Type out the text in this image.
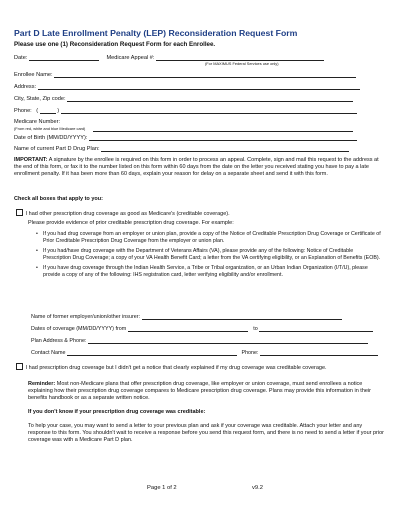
Part D Late Enrollment Penalty (LEP) Reconsideration Request Form
Please use one (1) Reconsideration Request Form for each Enrollee.
Date:	Medicare Appeal #:
(For MAXIMUS Federal Services use only)
Enrollee Name:
Address:
City, State, Zip code:
Phone: (	)
Medicare Number:
(From red, white and blue Medicare card)
Date of Birth (MM/DD/YYYY):
Name of current Part D Drug Plan:
IMPORTANT: A signature by the enrollee is required on this form in order to process an appeal. Complete, sign and mail this request to the address at the end of this form, or fax it to the number listed on this form within 60 days from the date on the letter you received stating you have to pay a late enrollment penalty. If it has been more than 60 days, explain your reason for delay on a separate sheet and send it with this form.
Check all boxes that apply to you:
I had other prescription drug coverage as good as Medicare's (creditable coverage).
Please provide evidence of prior creditable prescription drug coverage. For example:
• If you had drug coverage from an employer or union plan, provide a copy of the Notice of Creditable Prescription Drug Coverage or Certificate of Prior Creditable Prescription Drug Coverage from the employer or union plan.
• If you had/have drug coverage with the Department of Veterans Affairs (VA), please provide any of the following: Notice of Creditable Prescription Drug Coverage; a copy of your VA Health Benefit Card; a letter from the VA certifying eligibility, or an Explanation of Benefits (EOB).
• If you have drug coverage through the Indian Health Service, a Tribe or Tribal organization, or an Urban Indian Organization (I/T/U), please provide a copy of any of the following: IHS registration card, letter verifying eligibility and/or enrollment.
Name of former employer/union/other insurer:
Dates of coverage (MM/DD/YYYY) from	to
Plan Address & Phone:
Contact Name	Phone:
I had prescription drug coverage but I didn't get a notice that clearly explained if my drug coverage was creditable coverage.
Reminder: Most non-Medicare plans that offer prescription drug coverage, like employer or union coverage, must send enrollees a notice explaining how their prescription drug coverage compares to Medicare prescription drug coverage. Plans may provide this information in their benefits handbook or as a separate written notice.
If you don't know if your prescription drug coverage was creditable:
To help your case, you may want to send a letter to your previous plan and ask if your coverage was creditable. Attach your letter and any response to this form. You shouldn't wait to receive a response before you send this request form, and there is no need to send a letter if your prior coverage was with a Medicare Part D plan.
Page 1 of 2	v9.2
